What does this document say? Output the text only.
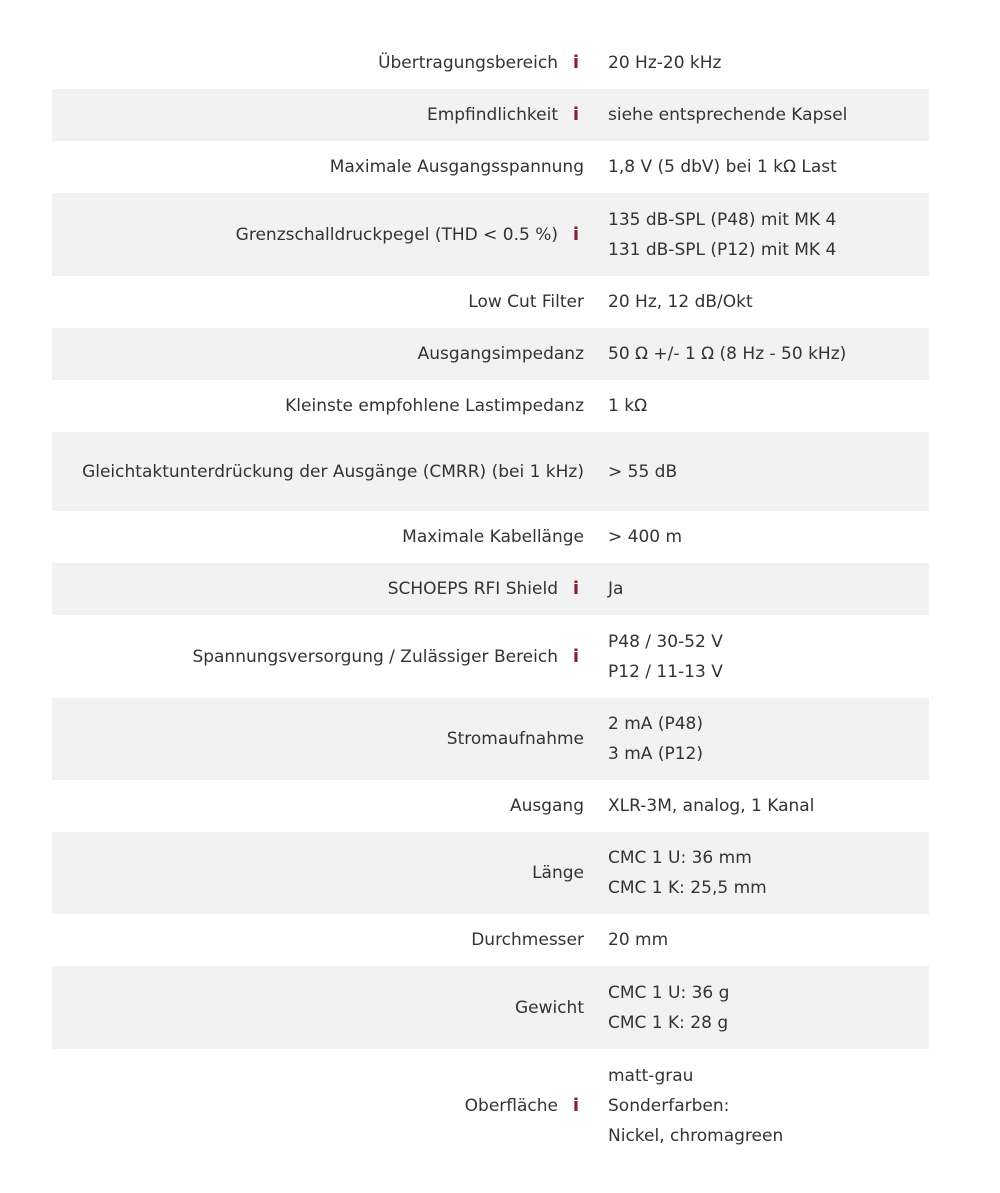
Übertragungsbereich i 20 Hz-20 kHz
Empfindlichkeit i siehe entsprechende Kapsel
Maximale Ausgangsspannung 1,8 V (5 dbV) bei 1 kΩ Last
Grenzschalldruckpegel (THD < 0.5 %) i
135 dB-SPL (P48) mit MK 4
131 dB-SPL (P12) mit MK 4
Low Cut Filter 20 Hz, 12 dB/Okt
Ausgangsimpedanz 50 Ω +/- 1 Ω (8 Hz - 50 kHz)
Kleinste empfohlene Lastimpedanz 1 kΩ
Gleichtaktunterdrückung der Ausgänge (CMRR) (bei 1 kHz) > 55 dB
Maximale Kabellänge > 400 m
SCHOEPS RFI Shield i Ja
Spannungsversorgung / Zulässiger Bereich i
P48 / 30-52 V
P12 / 11-13 V
Stromaufnahme
2 mA (P48)
3 mA (P12)
Ausgang XLR-3M, analog, 1 Kanal
Länge
CMC 1 U: 36 mm
CMC 1 K: 25,5 mm
Durchmesser 20 mm
Gewicht
CMC 1 U: 36 g
CMC 1 K: 28 g
Oberfläche i
matt-grau
Sonderfarben:
Nickel, chromagreen
